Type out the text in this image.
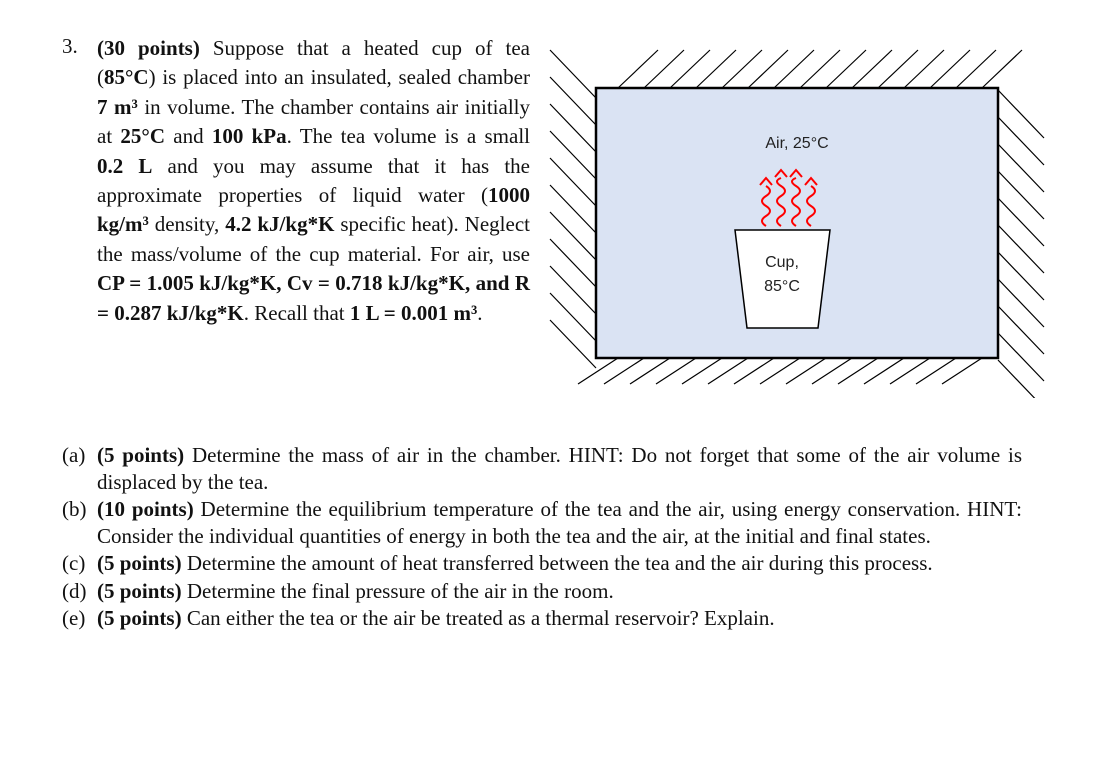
3. (30 points) Suppose that a heated cup of tea (85°C) is placed into an insulated, sealed chamber 7 m³ in volume. The chamber contains air initially at 25°C and 100 kPa. The tea volume is a small 0.2 L and you may assume that it has the approximate properties of liquid water (1000 kg/m³ density, 4.2 kJ/kg*K specific heat). Neglect the mass/volume of the cup material. For air, use CP = 1.005 kJ/kg*K, Cv = 0.718 kJ/kg*K, and R = 0.287 kJ/kg*K. Recall that 1 L = 0.001 m³.
Air, 25°C
Cup,
85°C
(a) (5 points) Determine the mass of air in the chamber. HINT: Do not forget that some of the air volume is displaced by the tea.
(b) (10 points) Determine the equilibrium temperature of the tea and the air, using energy conservation. HINT: Consider the individual quantities of energy in both the tea and the air, at the initial and final states.
(c) (5 points) Determine the amount of heat transferred between the tea and the air during this process.
(d) (5 points) Determine the final pressure of the air in the room.
(e) (5 points) Can either the tea or the air be treated as a thermal reservoir? Explain.
